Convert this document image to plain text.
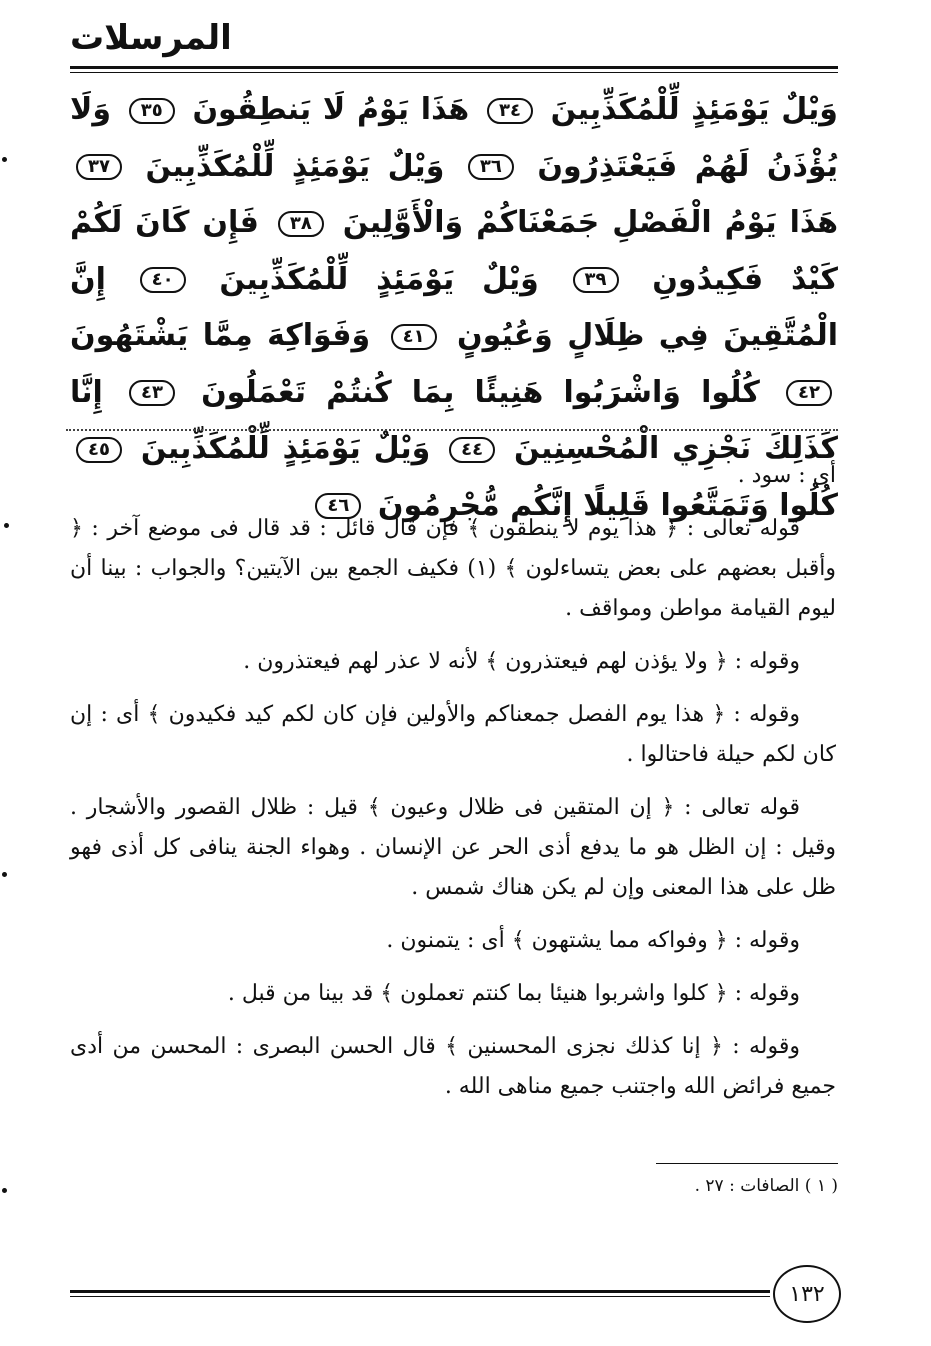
المرسلات
وَيْلٌ يَوْمَئِذٍ لِّلْمُكَذِّبِينَ ٣٤ هَذَا يَوْمُ لَا يَنطِقُونَ ٣٥ وَلَا يُؤْذَنُ لَهُمْ فَيَعْتَذِرُونَ ٣٦ وَيْلٌ يَوْمَئِذٍ لِّلْمُكَذِّبِينَ ٣٧ هَذَا يَوْمُ الْفَصْلِ جَمَعْنَاكُمْ وَالْأَوَّلِينَ ٣٨ فَإِن كَانَ لَكُمْ كَيْدٌ فَكِيدُونِ ٣٩ وَيْلٌ يَوْمَئِذٍ لِّلْمُكَذِّبِينَ ٤٠ إِنَّ الْمُتَّقِينَ فِي ظِلَالٍ وَعُيُونٍ ٤١ وَفَوَاكِهَ مِمَّا يَشْتَهُونَ ٤٢ كُلُوا وَاشْرَبُوا هَنِيئًا بِمَا كُنتُمْ تَعْمَلُونَ ٤٣ إِنَّا كَذَلِكَ نَجْزِي الْمُحْسِنِينَ ٤٤ وَيْلٌ يَوْمَئِذٍ لِّلْمُكَذِّبِينَ ٤٥ كُلُوا وَتَمَتَّعُوا قَلِيلًا إِنَّكُم مُّجْرِمُونَ ٤٦

أى : سود .

قوله تعالى : ﴿ هذا يوم لا ينطقون ﴾ فإن قال قائل : قد قال فى موضع آخر : ﴿ وأقبل بعضهم على بعض يتساءلون ﴾ (١) فكيف الجمع بين الآيتين؟ والجواب : بينا أن ليوم القيامة مواطن ومواقف .

وقوله : ﴿ ولا يؤذن لهم فيعتذرون ﴾ لأنه لا عذر لهم فيعتذرون .

وقوله : ﴿ هذا يوم الفصل جمعناكم والأولين فإن كان لكم كيد فكيدون ﴾ أى : إن كان لكم حيلة فاحتالوا .

قوله تعالى : ﴿ إن المتقين فى ظلال وعيون ﴾ قيل : ظلال القصور والأشجار . وقيل : إن الظل هو ما يدفع أذى الحر عن الإنسان . وهواء الجنة ينافى كل أذى فهو ظل على هذا المعنى وإن لم يكن هناك شمس .

وقوله : ﴿ وفواكه مما يشتهون ﴾ أى : يتمنون .

وقوله : ﴿ كلوا واشربوا هنيئا بما كنتم تعملون ﴾ قد بينا من قبل .

وقوله : ﴿ إنا كذلك نجزى المحسنين ﴾ قال الحسن البصرى : المحسن من أدى جميع فرائض الله واجتنب جميع مناهى الله .

( ١ ) الصافات : ٢٧ .
١٣٢
